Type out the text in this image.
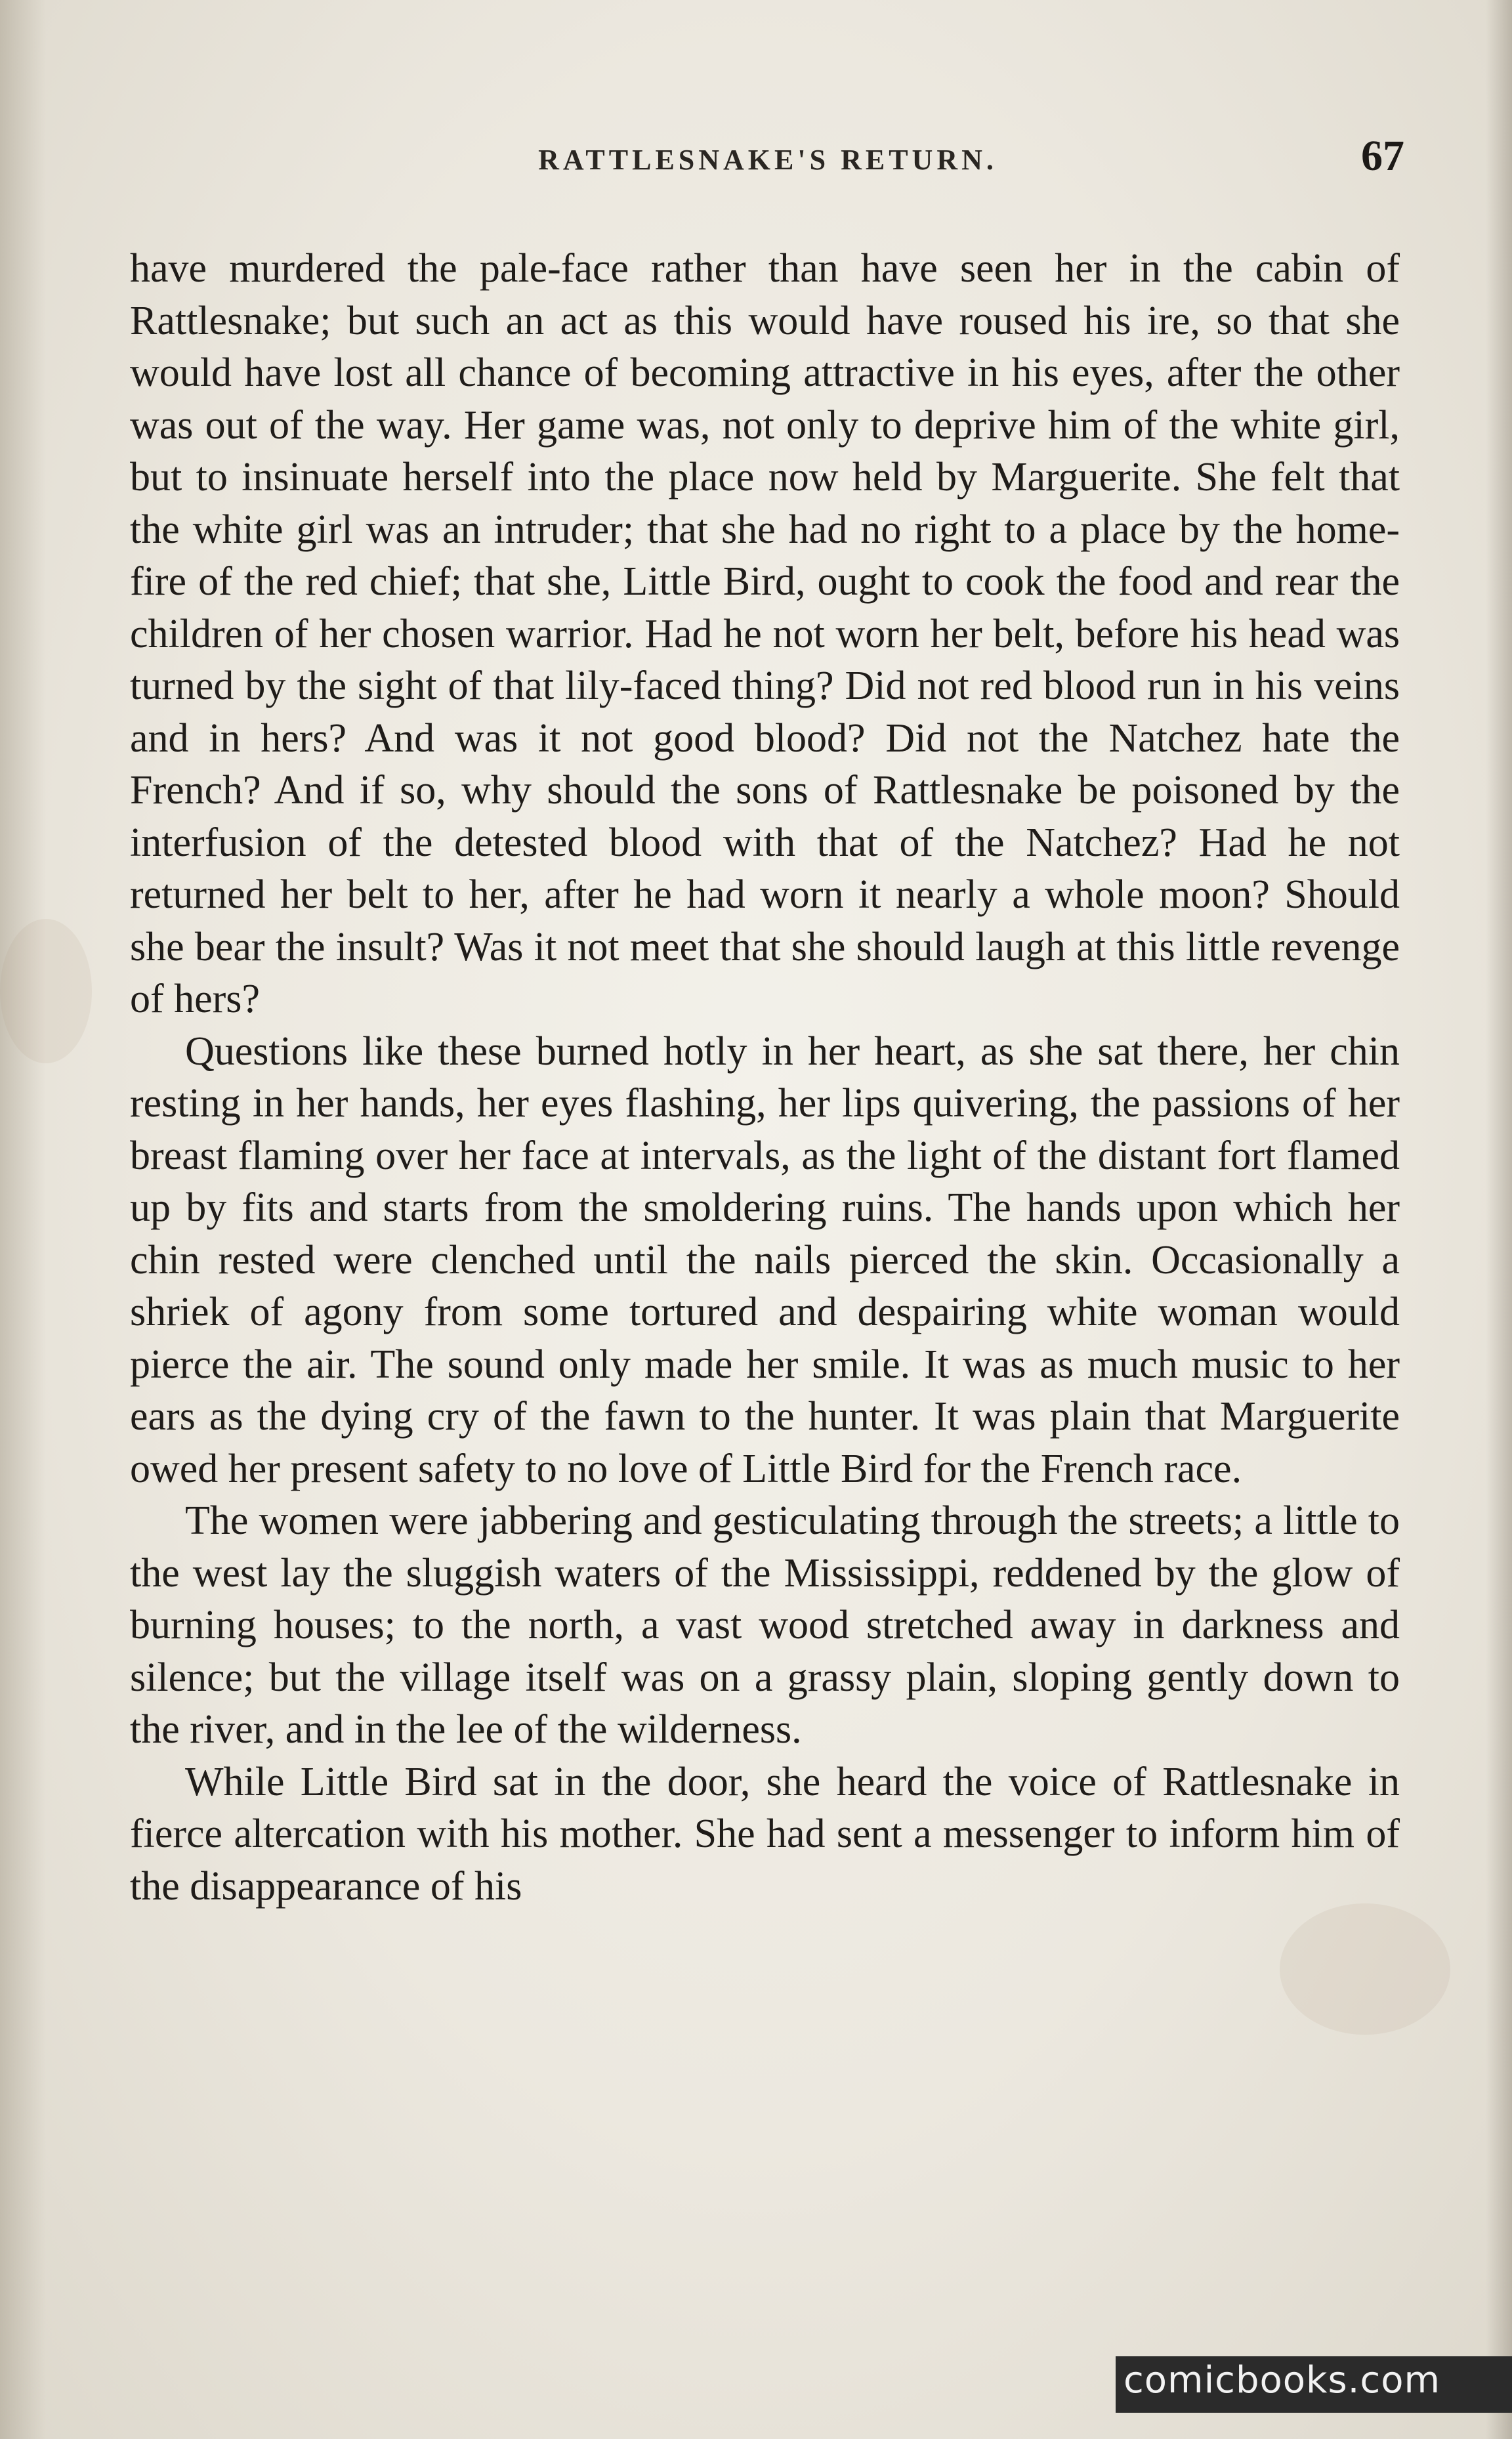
RATTLESNAKE'S RETURN.	67

have murdered the pale-face rather than have seen her in the cabin of Rattlesnake; but such an act as this would have roused his ire, so that she would have lost all chance of becoming attractive in his eyes, after the other was out of the way. Her game was, not only to deprive him of the white girl, but to insinuate herself into the place now held by Marguerite. She felt that the white girl was an intruder; that she had no right to a place by the home-fire of the red chief; that she, Little Bird, ought to cook the food and rear the children of her chosen warrior. Had he not worn her belt, before his head was turned by the sight of that lily-faced thing? Did not red blood run in his veins and in hers? And was it not good blood? Did not the Natchez hate the French? And if so, why should the sons of Rattlesnake be poisoned by the interfusion of the detested blood with that of the Natchez? Had he not returned her belt to her, after he had worn it nearly a whole moon? Should she bear the insult? Was it not meet that she should laugh at this little revenge of hers?

Questions like these burned hotly in her heart, as she sat there, her chin resting in her hands, her eyes flashing, her lips quivering, the passions of her breast flaming over her face at intervals, as the light of the distant fort flamed up by fits and starts from the smoldering ruins. The hands upon which her chin rested were clenched until the nails pierced the skin. Occasionally a shriek of agony from some tortured and despairing white woman would pierce the air. The sound only made her smile. It was as much music to her ears as the dying cry of the fawn to the hunter. It was plain that Marguerite owed her present safety to no love of Little Bird for the French race.

The women were jabbering and gesticulating through the streets; a little to the west lay the sluggish waters of the Mississippi, reddened by the glow of burning houses; to the north, a vast wood stretched away in darkness and silence; but the village itself was on a grassy plain, sloping gently down to the river, and in the lee of the wilderness.

While Little Bird sat in the door, she heard the voice of Rattlesnake in fierce altercation with his mother. She had sent a messenger to inform him of the disappearance of his

comicbooks.com
